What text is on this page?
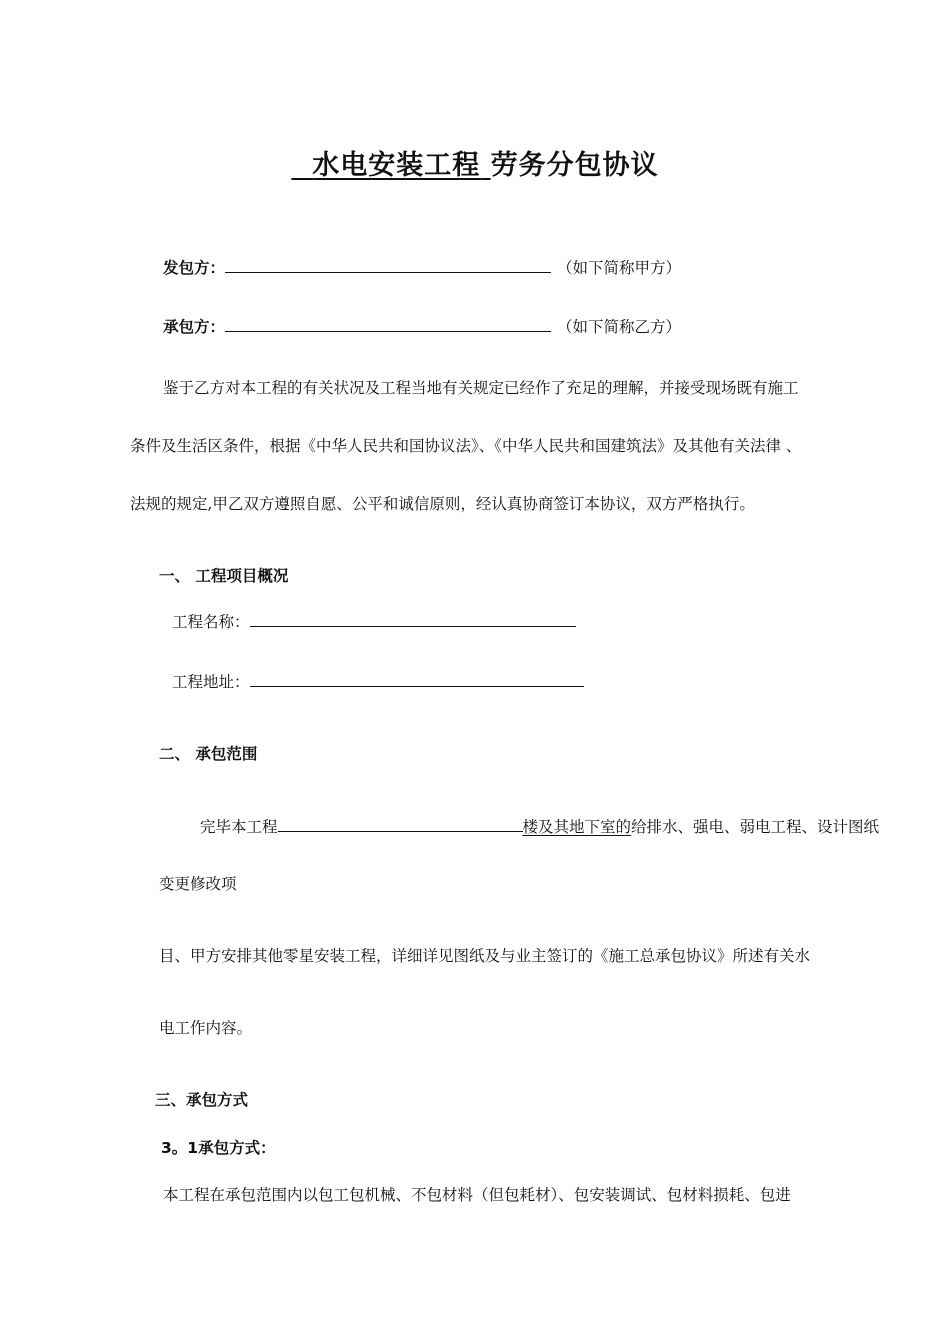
水电安装工程 劳务分包协议
发包方：	（如下简称甲方）
承包方：	（如下简称乙方）
鉴于乙方对本工程的有关状况及工程当地有关规定已经作了充足的理解，并接受现场既有施工
条件及生活区条件，根据《中华人民共和国协议法》、《中华人民共和国建筑法》及其他有关法律 、
法规的规定,甲乙双方遵照自愿、公平和诚信原则，经认真协商签订本协议，双方严格执行。
一、 工程项目概况
工程名称：
工程地址：
二、 承包范围
完毕本工程	楼及其地下室的给排水、强电、弱电工程、设计图纸
变更修改项
目、甲方安排其他零星安装工程，详细详见图纸及与业主签订的《施工总承包协议》所述有关水
电工作内容。
三、承包方式
3。1承包方式：
本工程在承包范围内以包工包机械、不包材料（但包耗材）、包安装调试、包材料损耗、包进
